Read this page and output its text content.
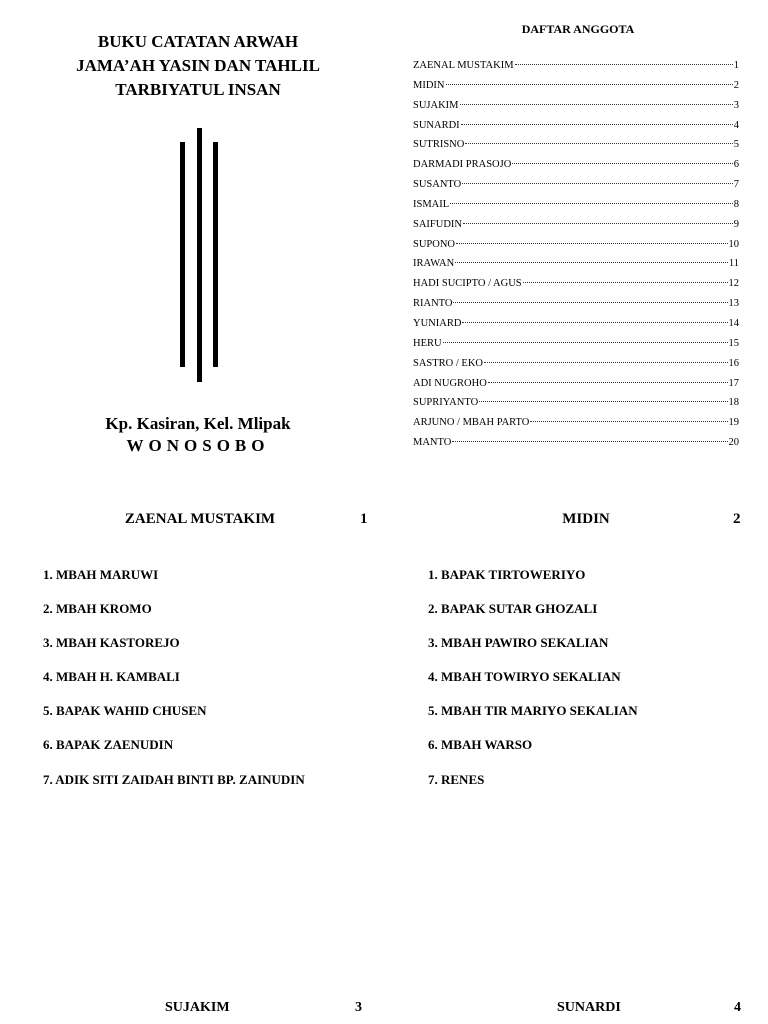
BUKU CATATAN ARWAH
JAMA’AH YASIN DAN TAHLIL
TARBIYATUL INSAN
Kp. Kasiran, Kel. Mlipak
WONOSOBO
DAFTAR ANGGOTA
ZAENAL MUSTAKIM	1
MIDIN	2
SUJAKIM	3
SUNARDI	4
SUTRISNO	5
DARMADI PRASOJO	6
SUSANTO	7
ISMAIL	8
SAIFUDIN	9
SUPONO	10
IRAWAN	11
HADI SUCIPTO / AGUS	12
RIANTO	13
YUNIARD	14
HERU	15
SASTRO / EKO	16
ADI NUGROHO	17
SUPRIYANTO	18
ARJUNO / MBAH PARTO	19
MANTO	20
ZAENAL MUSTAKIM	1
1. MBAH MARUWI
2. MBAH KROMO
3. MBAH KASTOREJO
4. MBAH H. KAMBALI
5. BAPAK WAHID CHUSEN
6. BAPAK ZAENUDIN
7. ADIK SITI ZAIDAH BINTI BP. ZAINUDIN
MIDIN	2
1. BAPAK TIRTOWERIYO
2. BAPAK SUTAR GHOZALI
3. MBAH PAWIRO SEKALIAN
4. MBAH TOWIRYO SEKALIAN
5. MBAH TIR MARIYO SEKALIAN
6. MBAH WARSO
7. RENES
SUJAKIM	3	SUNARDI	4
